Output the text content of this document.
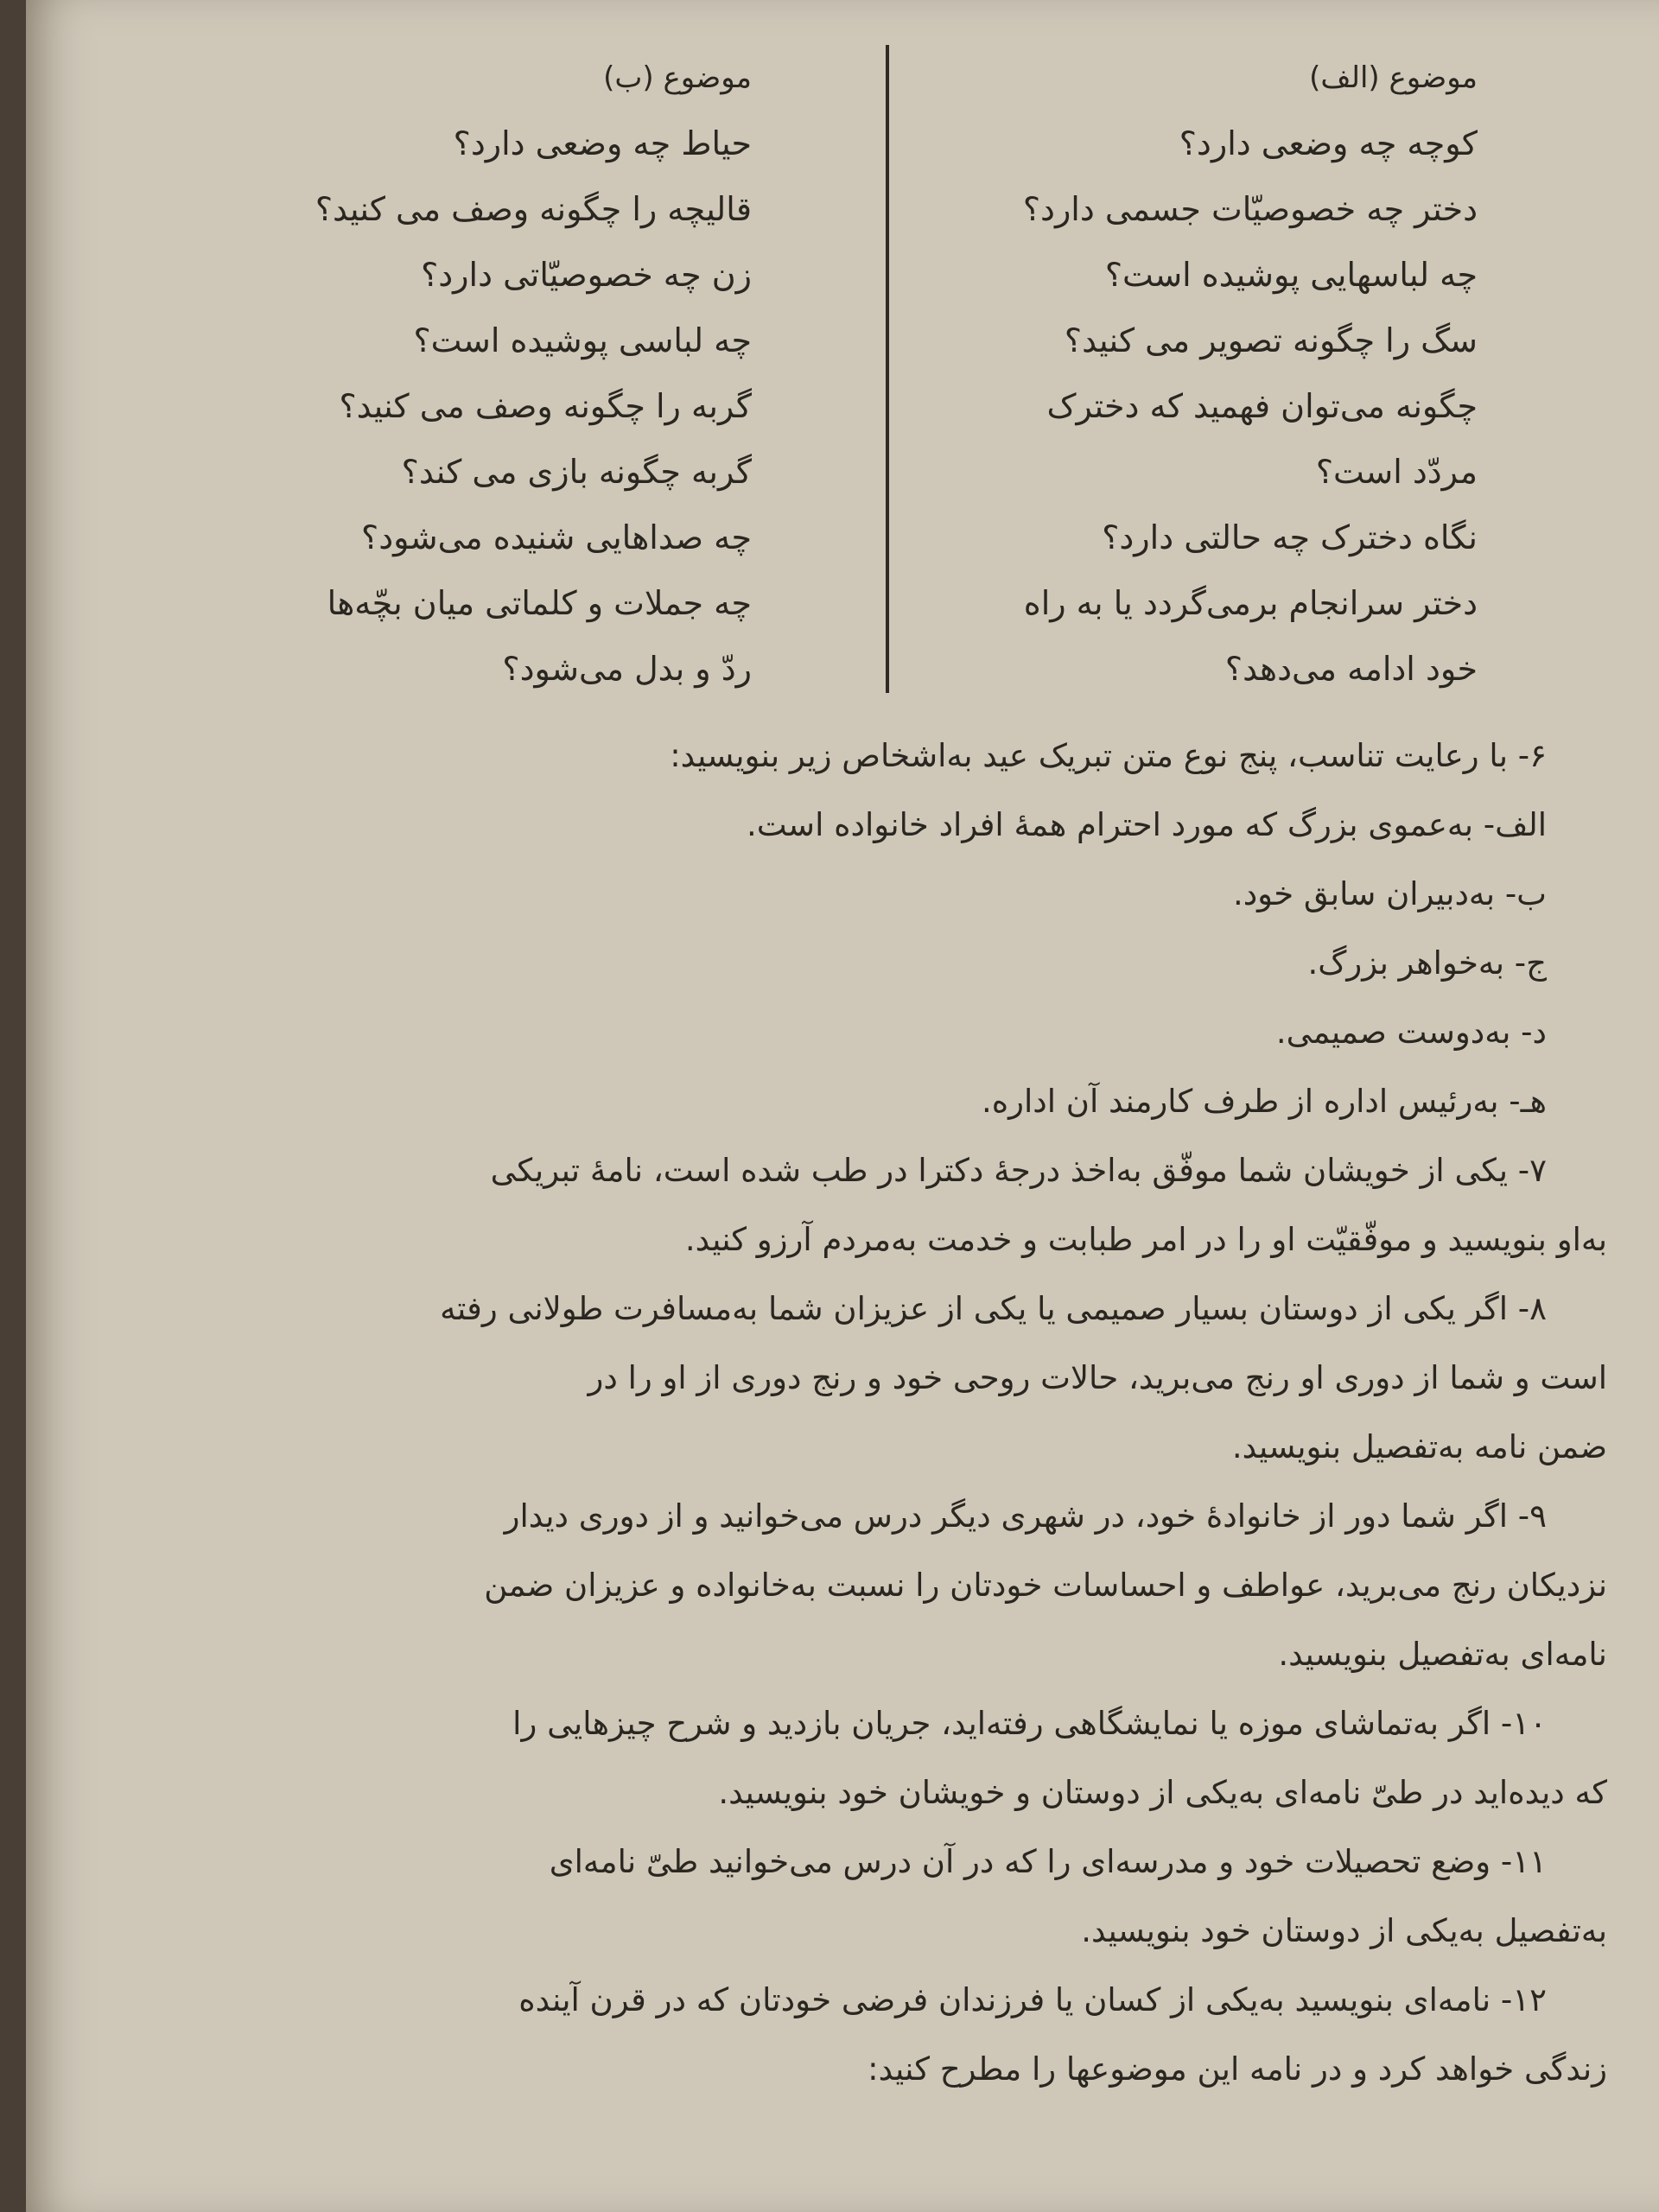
موضوع (الف)
کوچه چه وضعی دارد؟
دختر چه خصوصیّات جسمی دارد؟
چه لباسهایی پوشیده است؟
سگ را چگونه تصویر می کنید؟
چگونه می‌توان فهمید که دخترک
مردّد است؟
نگاه دخترک چه حالتی دارد؟
دختر سرانجام برمی‌گردد یا به راه
خود ادامه می‌دهد؟
موضوع (ب)
حیاط چه وضعی دارد؟
قالیچه را چگونه وصف می کنید؟
زن چه خصوصیّاتی دارد؟
چه لباسی پوشیده است؟
گربه را چگونه وصف می کنید؟
گربه چگونه بازی می کند؟
چه صداهایی شنیده می‌شود؟
چه جملات و کلماتی میان بچّه‌ها
ردّ و بدل می‌شود؟
۶- با رعایت تناسب، پنج نوع متن تبریک عید به‌اشخاص زیر بنویسید:
الف- به‌عموی بزرگ که مورد احترام همهٔ افراد خانواده است.
ب- به‌دبیران سابق خود.
ج- به‌خواهر بزرگ.
د- به‌دوست صمیمی.
هـ- به‌رئیس اداره از طرف کارمند آن اداره.
۷- یکی از خویشان شما موفّق به‌اخذ درجهٔ دکترا در طب شده است، نامهٔ تبریکی
به‌او بنویسید و موفّقیّت او را در امر طبابت و خدمت به‌مردم آرزو کنید.
۸- اگر یکی از دوستان بسیار صمیمی یا یکی از عزیزان شما به‌مسافرت طولانی رفته
است و شما از دوری او رنج می‌برید، حالات روحی خود و رنج دوری از او را در
ضمن نامه به‌تفصیل بنویسید.
۹- اگر شما دور از خانوادهٔ خود، در شهری دیگر درس می‌خوانید و از دوری دیدار
نزدیکان رنج می‌برید، عواطف و احساسات خودتان را نسبت به‌خانواده و عزیزان ضمن
نامه‌ای به‌تفصیل بنویسید.
۱۰- اگر به‌تماشای موزه یا نمایشگاهی رفته‌اید، جریان بازدید و شرح چیزهایی را
که دیده‌اید در طیّ نامه‌ای به‌یکی از دوستان و خویشان خود بنویسید.
۱۱- وضع تحصیلات خود و مدرسه‌ای را که در آن درس می‌خوانید طیّ نامه‌ای
به‌تفصیل به‌یکی از دوستان خود بنویسید.
۱۲- نامه‌ای بنویسید به‌یکی از کسان یا فرزندان فرضی خودتان که در قرن آینده
زندگی خواهد کرد و در نامه این موضوعها را مطرح کنید:
